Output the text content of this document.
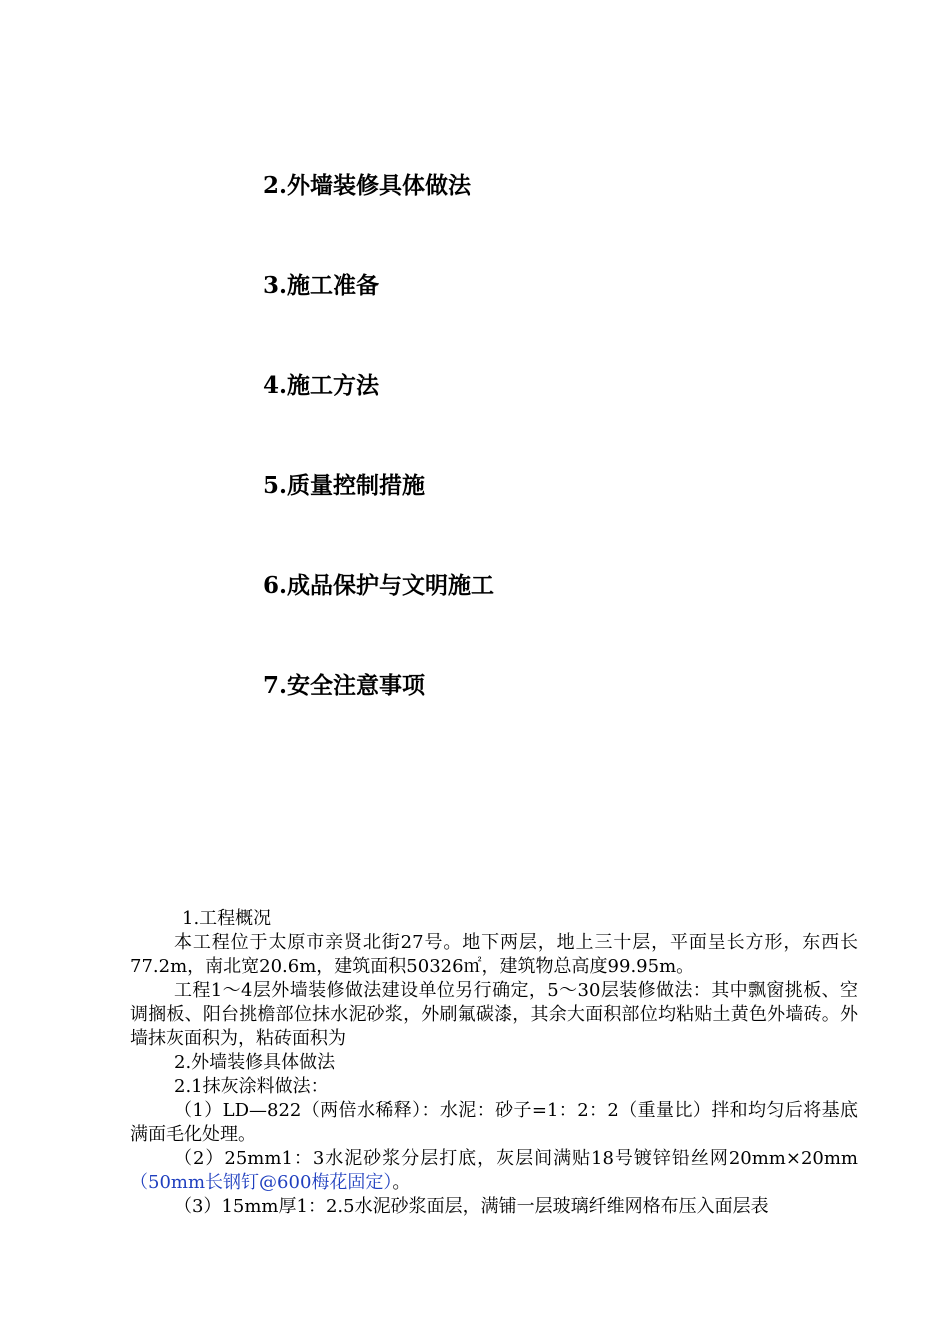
2.外墙装修具体做法
3.施工准备
4.施工方法
5.质量控制措施
6.成品保护与文明施工
7.安全注意事项

1.工程概况

本工程位于太原市亲贤北街27号。地下两层，地上三十层，平面呈长方形，东西长77.2m，南北宽20.6m，建筑面积50326㎡，建筑物总高度99.95m。

工程1～4层外墙装修做法建设单位另行确定，5～30层装修做法：其中飘窗挑板、空调搁板、阳台挑檐部位抹水泥砂浆，外刷氟碳漆，其余大面积部位均粘贴土黄色外墙砖。外墙抹灰面积为，粘砖面积为

2.外墙装修具体做法

2.1抹灰涂料做法：

（1）LD—822（两倍水稀释）：水泥：砂子=1：2：2（重量比）拌和均匀后将基底满面毛化处理。

（2）25mm1：3水泥砂浆分层打底，灰层间满贴18号镀锌铅丝网20mm×20mm（50mm长钢钉@600梅花固定）。

（3）15mm厚1：2.5水泥砂浆面层，满铺一层玻璃纤维网格布压入面层表
